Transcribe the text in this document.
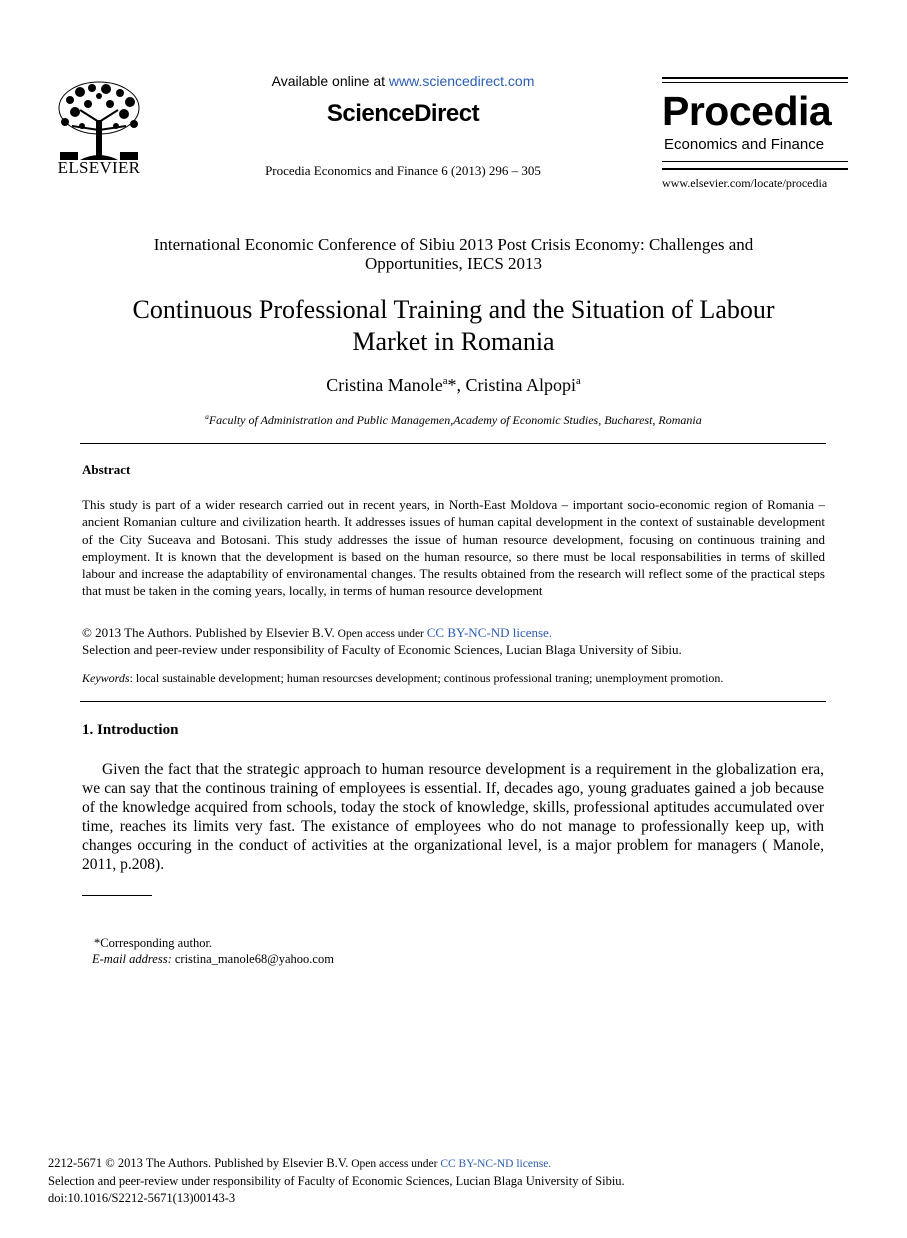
ELSEVIER
Available online at www.sciencedirect.com
ScienceDirect
Procedia Economics and Finance 6 (2013) 296 – 305
Procedia
Economics and Finance
www.elsevier.com/locate/procedia
International Economic Conference of Sibiu 2013 Post Crisis Economy: Challenges and
Opportunities, IECS 2013
Continuous Professional Training and the Situation of Labour
Market in Romania
Cristina Manole$^a$*, Cristina Alpopi$^a$
$^a$Faculty of Administration and Public Managemen,Academy of Economic Studies, Bucharest, Romania
Abstract
This study is part of a wider research carried out in recent years, in North-East Moldova – important socio-economic region of Romania – ancient Romanian culture and civilization hearth. It addresses issues of human capital development in the context of sustainable development of the City Suceava and Botosani. This study addresses the issue of human resource development, focusing on continuous training and employment. It is known that the development is based on the human resource, so there must be local responsabilities in terms of skilled labour and increase the adaptability of environamental changes. The results obtained from the research will reflect some of the practical steps that must be taken in the coming years, locally, in terms of human resource development
© 2013 The Authors. Published by Elsevier B.V. Open access under CC BY-NC-ND license.
Selection and peer-review under responsibility of Faculty of Economic Sciences, Lucian Blaga University of Sibiu.
Keywords: local sustainable development; human resourcses development; continous professional traning; unemployment promotion.
1. Introduction
Given the fact that the strategic approach to human resource development is a requirement in the globalization era, we can say that the continous training of employees is essential. If, decades ago, young graduates gained a job because of the knowledge acquired from schools, today the stock of knowledge, skills, professional aptitudes accumulated over time, reaches its limits very fast. The existance of employees who do not manage to professionally keep up, with changes occuring in the conduct of activities at the organizational level, is a major problem for managers ( Manole, 2011, p.208).
*Corresponding author.
E-mail address: cristina_manole68@yahoo.com
2212-5671 © 2013 The Authors. Published by Elsevier B.V. Open access under CC BY-NC-ND license.
Selection and peer-review under responsibility of Faculty of Economic Sciences, Lucian Blaga University of Sibiu.
doi:10.1016/S2212-5671(13)00143-3
